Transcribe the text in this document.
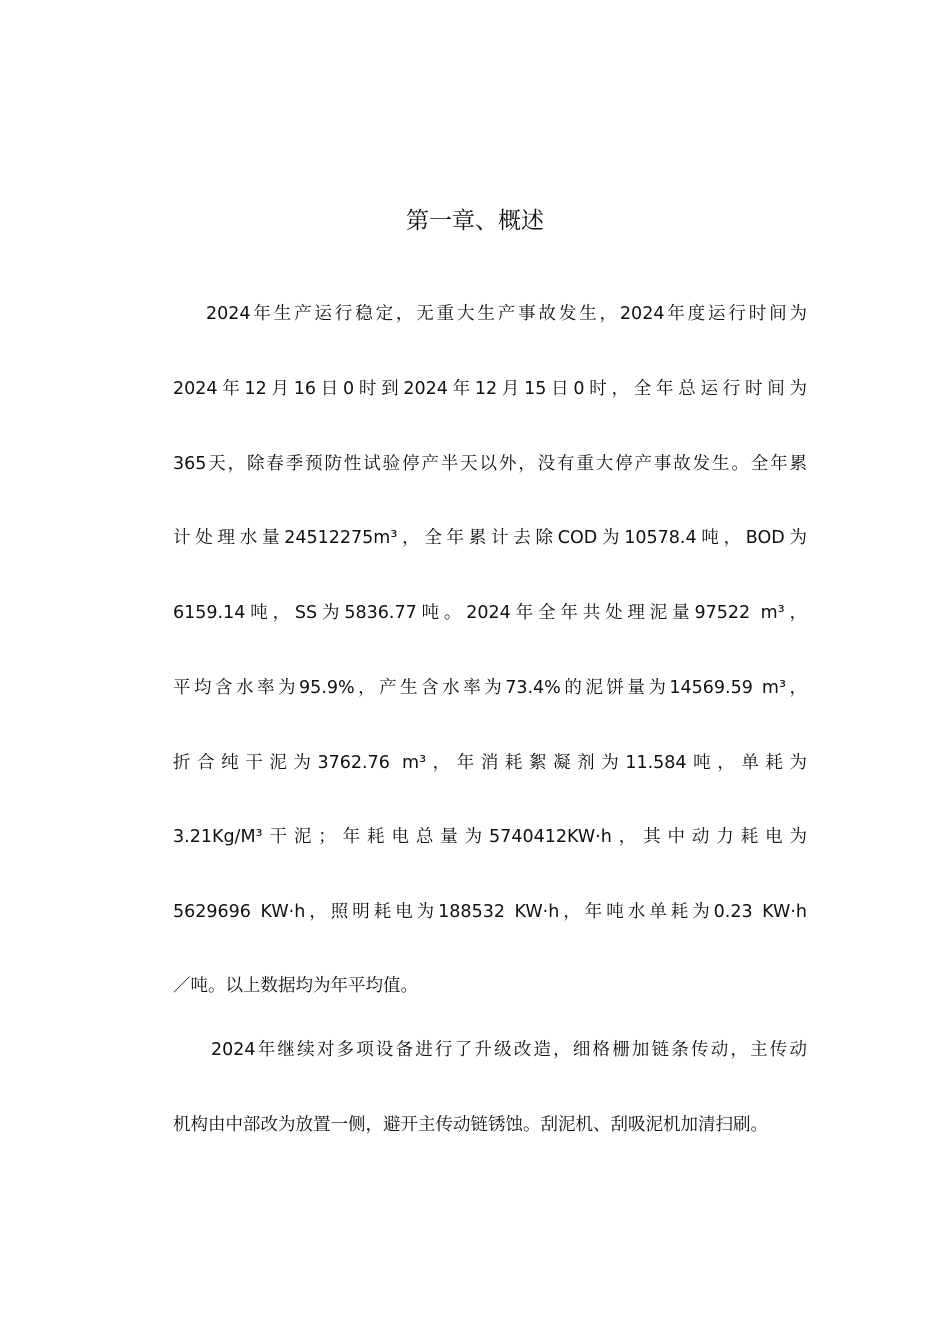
第一章、概述
2024年生产运行稳定，无重大生产事故发生，2024年度运行时间为
2024年12月16日0时到2024年12月15日0时，全年总运行时间为
365天，除春季预防性试验停产半天以外，没有重大停产事故发生。全年累
计处理水量24512275m³，全年累计去除COD为10578.4吨，BOD为
6159.14吨，SS为5836.77吨。2024年全年共处理泥量97522 m³，
平均含水率为95.9%，产生含水率为73.4%的泥饼量为14569.59 m³，
折合纯干泥为3762.76 m³，年消耗絮凝剂为11.584吨，单耗为
3.21Kg/M³干泥；年耗电总量为5740412KW·h，其中动力耗电为
5629696 KW·h，照明耗电为188532 KW·h，年吨水单耗为0.23 KW·h
／吨。以上数据均为年平均值。
2024年继续对多项设备进行了升级改造，细格栅加链条传动，主传动
机构由中部改为放置一侧，避开主传动链锈蚀。刮泥机、刮吸泥机加清扫刷。
